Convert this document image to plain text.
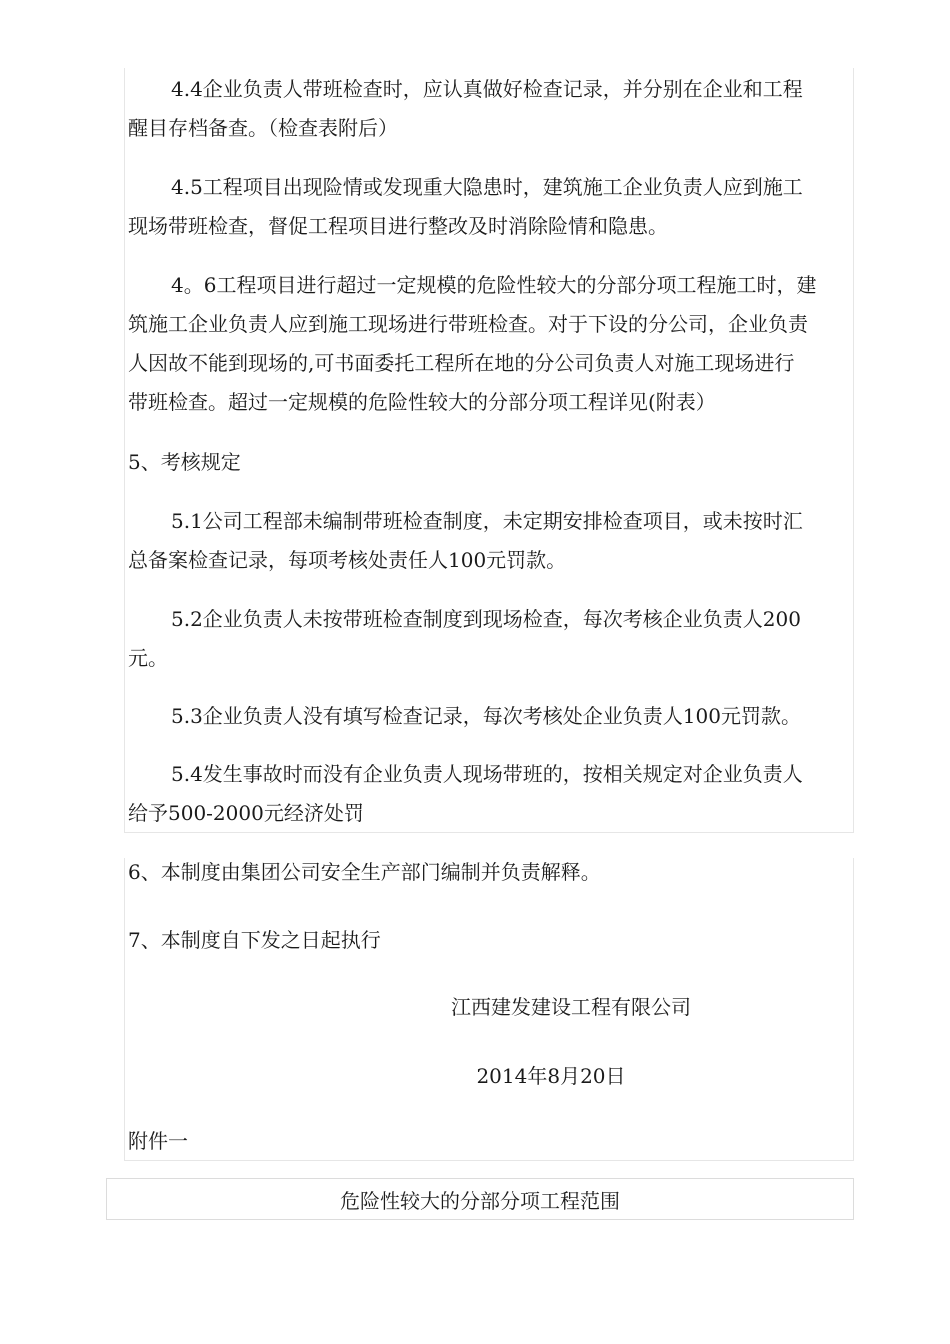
4.4企业负责人带班检查时，应认真做好检查记录，并分别在企业和工程
醒目存档备查。（检查表附后）
4.5工程项目出现险情或发现重大隐患时，建筑施工企业负责人应到施工
现场带班检查，督促工程项目进行整改及时消除险情和隐患。
4。6工程项目进行超过一定规模的危险性较大的分部分项工程施工时，建
筑施工企业负责人应到施工现场进行带班检查。对于下设的分公司，企业负责
人因故不能到现场的,可书面委托工程所在地的分公司负责人对施工现场进行
带班检查。超过一定规模的危险性较大的分部分项工程详见(附表）
5、考核规定
5.1公司工程部未编制带班检查制度，未定期安排检查项目，或未按时汇
总备案检查记录，每项考核处责任人100元罚款。
5.2企业负责人未按带班检查制度到现场检查，每次考核企业负责人200
元。
5.3企业负责人没有填写检查记录，每次考核处企业负责人100元罚款。
5.4发生事故时而没有企业负责人现场带班的，按相关规定对企业负责人
给予500-2000元经济处罚
6、本制度由集团公司安全生产部门编制并负责解释。
7、本制度自下发之日起执行
江西建发建设工程有限公司
2014年8月20日
附件一
危险性较大的分部分项工程范围
